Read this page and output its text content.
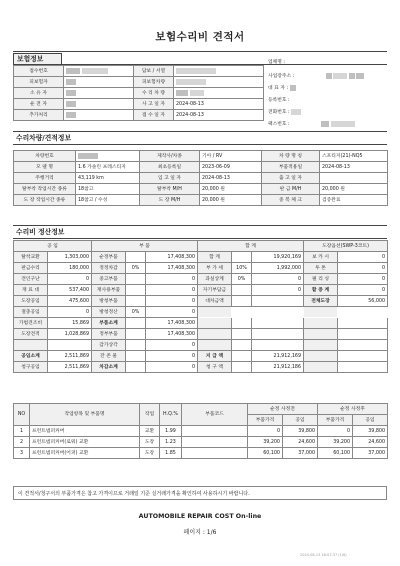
보험수리비 견적서
보험정보
접수번호		담보 / 서열	
피보험자		피보험차량	
소 유 자		수 리 차 량	
운 전 자		사 고 일 자	2024-08-13
추가처리		접 수 일 자	2024-08-13
업체명 :
사업장주소 :
대 표 자 :
등록번호 :
전화번호 :
팩스번호 :
수리차량/견적정보
차량번호		제작사/차종	기아 / RV	차 량 명 칭	스포티지(21)-NQ5
모 델 명	1.6 가솔린 프레스티지	최초등록일	2023-06-09	부품적용일	2024-08-13
주행거리	43,119 km	입 고 일 자	2024-08-13	출 고 일 자	
탈부착 작업시간 종류	18참고	탈부착 M/H	20,000 원	판 금 M/H	20,000 원
도 장 작업시간 종류	18참고 / 수성	도 장 M/H	20,000 원	중 복 체 크	검증완료
수리비 정산정보
공 임		부 품			합 계			도장옵션(SWP-3코트)	
탈착교환	1,303,000	순정부품		17,408,300	합 계		19,920,169	보 카 시	0
판금수리	180,000	정정차감	0%	17,408,300	부 가 세	10%	1,992,000	투 톤	0
견인구난	0	중고부품		0	과실상계	0%	0	펄 리 싱	0
재 료 대	537,400	재사용부품		0	자기부담금		0	할 증 계	0
도장공임	475,600	방청부품		0	대차금액			전체도장	56,000
절충공임	0	방청정산	0%	0					
가법견조비	15,869	부품소계		17,408,300					
도장견적	1,028,869	정부부품		17,408,300					
		감가상각		0					
공임소계	2,511,869	잔 존 물		0	지 급 액		21,912,169		
청구공임	2,511,869	차감소계		0	청 구 액		21,912,186		
NO	작업항목 및 부품명	작업	H.Q.%	부품코드	순정 사정전		순정 사정후	
					부품가격	공임	부품가격	공임
1	프런트범퍼커버	교환	1.99		0	39,800	0	39,800
2	프런트범퍼커버(로워) 교환	도장	1.23		39,200	24,600	39,200	24,600
3	프런트범퍼커버(어퍼) 교환	도장	1.85		60,100	37,000	60,100	37,000
이 견적서/청구서의 부품가격은 참고 가격이므로 거래일 기준 실거래가격을 확인하여 사용하시기 바랍니다.
AUTOMOBILE REPAIR COST On-line
페이지 : 1/6
2024-08-13 16:07:37 (1/6)
